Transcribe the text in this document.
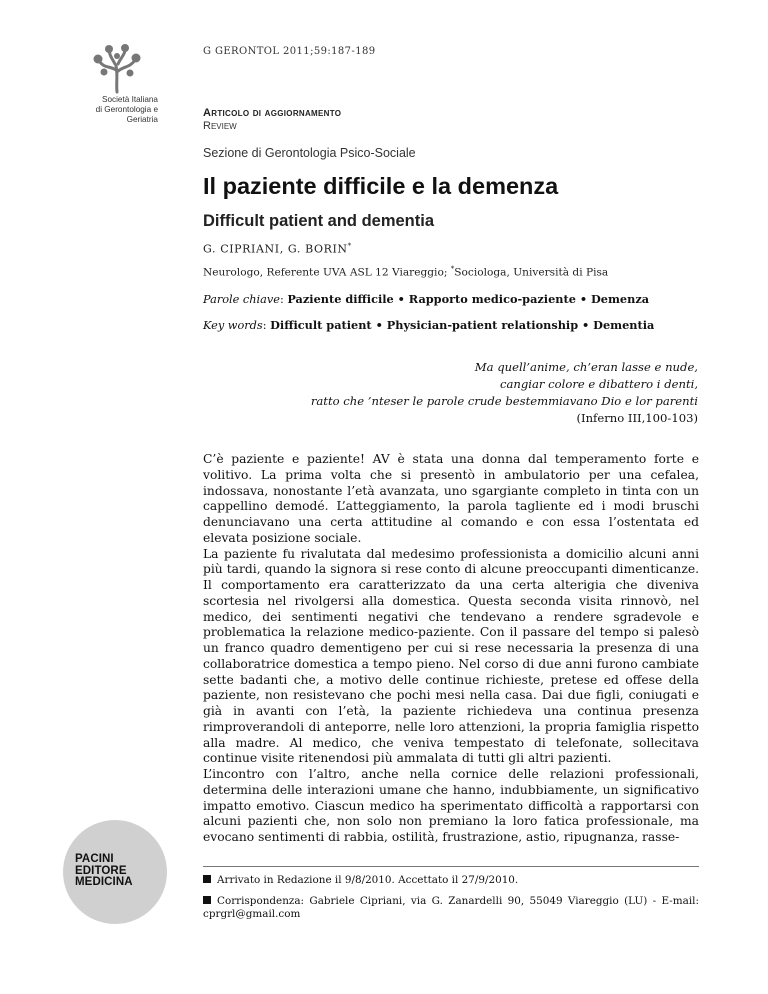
Società Italiana
di Gerontologia e
Geriatria
G GERONTOL 2011;59:187-189
Articolo di aggiornamento
Review
Sezione di Gerontologia Psico-Sociale
Il paziente difficile e la demenza
Difficult patient and dementia
G. CIPRIANI, G. BORIN*
Neurologo, Referente UVA ASL 12 Viareggio; *Sociologa, Università di Pisa
Parole chiave: Paziente difficile • Rapporto medico-paziente • Demenza
Key words: Difficult patient • Physician-patient relationship • Dementia
Ma quell’anime, ch’eran lasse e nude,
cangiar colore e dibattero i denti,
ratto che ’nteser le parole crude bestemmiavano Dio e lor parenti
(Inferno III,100-103)

C’è paziente e paziente! AV è stata una donna dal temperamento forte e volitivo. La prima volta che si presentò in ambulatorio per una cefalea, indossava, nonostante l’età avanzata, uno sgargiante completo in tinta con un cappellino demodé. L’atteggiamento, la parola tagliente ed i modi bruschi denunciavano una certa attitudine al comando e con essa l’ostentata ed elevata posizione sociale.

La paziente fu rivalutata dal medesimo professionista a domicilio alcuni anni più tardi, quando la signora si rese conto di alcune preoccupanti dimenticanze. Il comportamento era caratterizzato da una certa alterigia che diveniva scortesia nel rivolgersi alla domestica. Questa seconda visita rinnovò, nel medico, dei sentimenti negativi che tendevano a rendere sgradevole e problematica la relazione medico-paziente. Con il passare del tempo si palesò un franco quadro dementigeno per cui si rese necessaria la presenza di una collaboratrice domestica a tempo pieno. Nel corso di due anni furono cambiate sette badanti che, a motivo delle continue richieste, pretese ed offese della paziente, non resistevano che pochi mesi nella casa. Dai due figli, coniugati e già in avanti con l’età, la paziente richiedeva una continua presenza rimproverandoli di anteporre, nelle loro attenzioni, la propria famiglia rispetto alla madre. Al medico, che veniva tempestato di telefonate, sollecitava continue visite ritenendosi più ammalata di tutti gli altri pazienti.

L’incontro con l’altro, anche nella cornice delle relazioni professionali, determina delle interazioni umane che hanno, indubbiamente, un significativo impatto emotivo. Ciascun medico ha sperimentato difficoltà a rapportarsi con alcuni pazienti che, non solo non premiano la loro fatica professionale, ma evocano sentimenti di rabbia, ostilità, frustrazione, astio, ripugnanza, rasse-

Arrivato in Redazione il 9/8/2010. Accettato il 27/9/2010.
Corrispondenza: Gabriele Cipriani, via G. Zanardelli 90, 55049 Viareggio (LU) - E-mail: cprgrl@gmail.com
PACINI
EDITORE
MEDICINA
